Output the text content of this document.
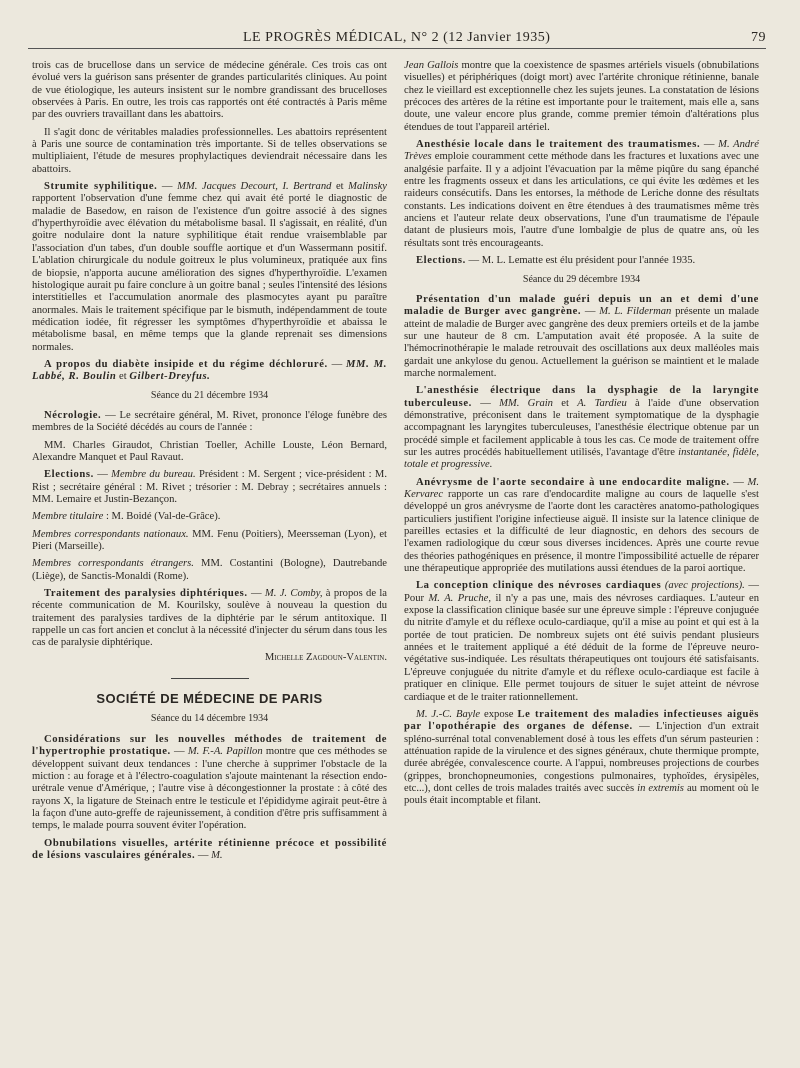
LE PROGRÈS MÉDICAL, N° 2 (12 Janvier 1935)	79

trois cas de brucellose dans un service de médecine générale. Ces trois cas ont évolué vers la guérison sans présenter de grandes particularités cliniques. Au point de vue étiologique, les auteurs insistent sur le nombre grandissant des brucelloses observées à Paris. En outre, les trois cas rapportés ont été contractés à Paris même par des ouvriers travaillant dans les abattoirs.

Il s'agit donc de véritables maladies professionnelles. Les abattoirs représentent à Paris une source de contamination très importante. Si de telles observations se multipliaient, l'étude de mesures prophylactiques deviendrait nécessaire dans les abattoirs.

Strumite syphilitique. — MM. Jacques Decourt, I. Bertrand et Malinsky rapportent l'observation d'une femme chez qui avait été porté le diagnostic de maladie de Basedow, en raison de l'existence d'un goitre associé à des signes d'hyperthyroïdie avec élévation du métabolisme basal. Il s'agissait, en réalité, d'un goitre nodulaire dont la nature syphilitique était rendue vraisemblable par l'association d'un tabes, d'un double souffle aortique et d'un Wassermann positif. L'ablation chirurgicale du nodule goitreux le plus volumineux, pratiquée aux fins de biopsie, n'apporta aucune amélioration des signes d'hyperthyroïdie. L'examen histologique aurait pu faire conclure à un goitre banal ; seules l'intensité des lésions interstitielles et l'accumulation anormale des plasmocytes ayant pu paraître anormales. Mais le traitement spécifique par le bismuth, indépendamment de toute médication iodée, fit régresser les symptômes d'hyperthyroïdie et abaissa le métabolisme basal, en même temps que la glande reprenait ses dimensions normales.

A propos du diabète insipide et du régime déchloruré. — MM. M. Labbé, R. Boulin et Gilbert-Dreyfus.

Séance du 21 décembre 1934

Nécrologie. — Le secrétaire général, M. Rivet, prononce l'éloge funèbre des membres de la Société décédés au cours de l'année :

MM. Charles Giraudot, Christian Toeller, Achille Louste, Léon Bernard, Alexandre Manquet et Paul Ravaut.

Elections. — Membre du bureau. Président : M. Sergent ; vice-président : M. Rist ; secrétaire général : M. Rivet ; trésorier : M. Debray ; secrétaires annuels : MM. Lemaire et Justin-Bezançon.

Membre titulaire : M. Boidé (Val-de-Grâce).

Membres correspondants nationaux. MM. Fenu (Poitiers), Meersseman (Lyon), et Pieri (Marseille).

Membres correspondants étrangers. MM. Costantini (Bologne), Dautrebande (Liège), de Sanctis-Monaldi (Rome).

Traitement des paralysies diphtériques. — M. J. Comby, à propos de la récente communication de M. Kourilsky, soulève à nouveau la question du traitement des paralysies tardives de la diphtérie par le sérum antitoxique. Il rappelle un cas fort ancien et conclut à la nécessité d'injecter du sérum dans tous les cas de paralysie diphtérique.

Michelle Zagdoun-Valentin.
SOCIÉTÉ DE MÉDECINE DE PARIS
Séance du 14 décembre 1934

Considérations sur les nouvelles méthodes de traitement de l'hypertrophie prostatique. — M. F.-A. Papillon montre que ces méthodes se développent suivant deux tendances : l'une cherche à supprimer l'obstacle de la miction : au forage et à l'électro-coagulation s'ajoute maintenant la résection endo-urétrale venue d'Amérique, ; l'autre vise à décongestionner la prostate : à côté des rayons X, la ligature de Steinach entre le testicule et l'épididyme agirait peut-être à la façon d'une auto-greffe de rajeunissement, à condition d'être pris suffisamment à temps, le malade pourra souvent éviter l'opération.

Obnubilations visuelles, artérite rétinienne précoce et possibilité de lésions vasculaires générales. — M.

Jean Gallois montre que la coexistence de spasmes artériels visuels (obnubilations visuelles) et périphériques (doigt mort) avec l'artérite chronique rétinienne, banale chez le vieillard est exceptionnelle chez les sujets jeunes. La constatation de lésions précoces des artères de la rétine est importante pour le traitement, mais elle a, sans doute, une valeur encore plus grande, comme premier témoin d'altérations plus étendues de tout l'appareil artériel.

Anesthésie locale dans le traitement des traumatismes. — M. André Trèves emploie couramment cette méthode dans les fractures et luxations avec une analgésie parfaite. Il y a adjoint l'évacuation par la même piqûre du sang épanché entre les fragments osseux et dans les articulations, ce qui évite les œdèmes et les raideurs consécutifs. Dans les entorses, la méthode de Leriche donne des résultats constants. Les indications doivent en être étendues à des traumatismes même très anciens et l'auteur relate deux observations, l'une d'un traumatisme de l'épaule datant de plusieurs mois, l'autre d'une lombalgie de plus de quatre ans, où les résultats sont très encourageants.

Elections. — M. L. Lematte est élu président pour l'année 1935.

Séance du 29 décembre 1934

Présentation d'un malade guéri depuis un an et demi d'une maladie de Burger avec gangrène. — M. L. Filderman présente un malade atteint de maladie de Burger avec gangrène des deux premiers orteils et de la jambe sur une hauteur de 8 cm. L'amputation avait été proposée. A la suite de l'hémocrinothérapie le malade retrouvait des oscillations aux deux malléoles mais gardait une ankylose du genou. Actuellement la guérison se maintient et le malade marche normalement.

L'anesthésie électrique dans la dysphagie de la laryngite tuberculeuse. — MM. Grain et A. Tardieu à l'aide d'une observation démonstrative, préconisent dans le traitement symptomatique de la dysphagie accompagnant les laryngites tuberculeuses, l'anesthésie électrique obtenue par un procédé simple et facilement applicable à tous les cas. Ce mode de traitement offre sur les autres procédés habituellement utilisés, l'avantage d'être instantanée, fidèle, totale et progressive.

Anévrysme de l'aorte secondaire à une endocardite maligne. — M. Kervarec rapporte un cas rare d'endocardite maligne au cours de laquelle s'est développé un gros anévrysme de l'aorte dont les caractères anatomo-pathologiques particuliers justifient l'origine infectieuse aiguë. Il insiste sur la latence clinique de pareilles ectasies et la difficulté de leur diagnostic, en dehors des secours de l'examen radiologique du cœur sous diverses incidences. Après une courte revue des théories pathogéniques en présence, il montre l'impossibilité actuelle de réparer une thérapeutique appropriée des mutilations aussi étendues de la paroi aortique.

La conception clinique des névroses cardiaques (avec projections). — Pour M. A. Pruche, il n'y a pas une, mais des névroses cardiaques. L'auteur en expose la classification clinique basée sur une épreuve simple : l'épreuve conjuguée du nitrite d'amyle et du réflexe oculo-cardiaque, qu'il a mise au point et qui est à la portée de tout praticien. De nombreux sujets ont été suivis pendant plusieurs années et le traitement appliqué a été déduit de la forme de l'épreuve neuro-végétative sus-indiquée. Les résultats thérapeutiques ont toujours été satisfaisants. L'épreuve conjuguée du nitrite d'amyle et du réflexe oculo-cardiaque est facile à pratiquer en clinique. Elle permet toujours de situer le sujet atteint de névrose cardiaque et de le traiter rationnellement.

M. J.-C. Bayle expose Le traitement des maladies infectieuses aiguës par l'opothérapie des organes de défense. — L'injection d'un extrait spléno-surrénal total convenablement dosé à tous les effets d'un sérum pasteurien : atténuation rapide de la virulence et des signes généraux, chute thermique prompte, durée abrégée, convalescence courte. A l'appui, nombreuses projections de courbes (grippes, bronchopneumonies, congestions pulmonaires, typhoïdes, érysipèles, etc...), dont celles de trois malades traités avec succès in extremis au moment où le pouls était incomptable et filant.
